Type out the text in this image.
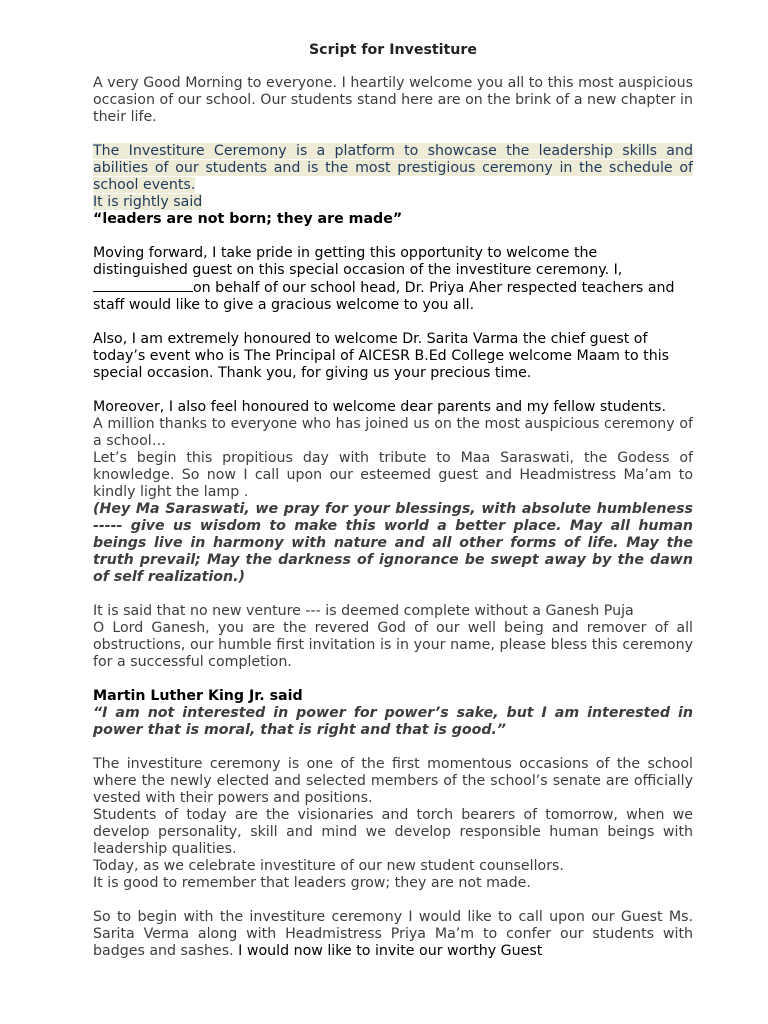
Script for Investiture

A very Good Morning to everyone. I heartily welcome you all to this most auspicious occasion of our school. Our students stand here are on the brink of a new chapter in their life.

The Investiture Ceremony is a platform to showcase the leadership skills and abilities of our students and is the most prestigious ceremony in the schedule of school events.

It is rightly said

“leaders are not born; they are made”

Moving forward, I take pride in getting this opportunity to welcome the distinguished guest on this special occasion of the investiture ceremony. I,
on behalf of our school head, Dr. Priya Aher respected teachers and staff would like to give a gracious welcome to you all.

Also, I am extremely honoured to welcome Dr. Sarita Varma the chief guest of today’s event who is The Principal of AICESR B.Ed College welcome Maam to this special occasion. Thank you, for giving us your precious time.

Moreover, I also feel honoured to welcome dear parents and my fellow students.

A million thanks to everyone who has joined us on the most auspicious ceremony of a school…

Let’s begin this propitious day with tribute to Maa Saraswati, the Godess of knowledge. So now I call upon our esteemed guest and Headmistress Ma’am to kindly light the lamp .

(Hey Ma Saraswati, we pray for your blessings, with absolute humbleness ----- give us wisdom to make this world a better place. May all human beings live in harmony with nature and all other forms of life. May the truth prevail; May the darkness of ignorance be swept away by the dawn of self realization.)

It is said that no new venture --- is deemed complete without a Ganesh Puja

O Lord Ganesh, you are the revered God of our well being and remover of all obstructions, our humble first invitation is in your name, please bless this ceremony for a successful completion.

Martin Luther King Jr. said

“I am not interested in power for power’s sake, but I am interested in power that is moral, that is right and that is good.”

The investiture ceremony is one of the first momentous occasions of the school where the newly elected and selected members of the school’s senate are officially vested with their powers and positions.

Students of today are the visionaries and torch bearers of tomorrow, when we develop personality, skill and mind we develop responsible human beings with leadership qualities.

Today, as we celebrate investiture of our new student counsellors.

It is good to remember that leaders grow; they are not made.

So to begin with the investiture ceremony I would like to call upon our Guest Ms. Sarita Verma along with Headmistress Priya Ma’m to confer our students with badges and sashes. I would now like to invite our worthy Guest
